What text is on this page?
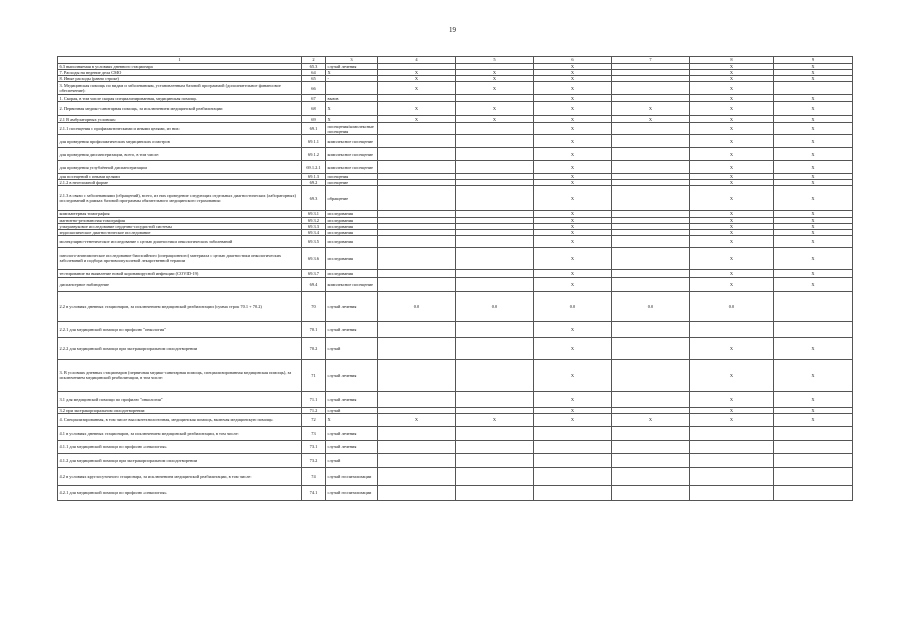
19
1	2	3	4	5	6	7	8	9
6.3 выполняемая в условиях дневного стационара	65.3	случай лечения			X		X	X
7. Расходы на ведение дела СМО	64	X	X	X	X		X	X
8. Иные расходы (равно строке)	65	-	X	X	X		X	X
3. Медицинская помощь по видам и заболеваниям, установленным базовой программой (дополнительное финансовое обеспечение):	66		X	X	X		X	
1. Скорая, в том числе скорая специализированная, медицинская помощь	67	вызов			X		X	X
2. Первичная медико-санитарная помощь, за исключением медицинской реабилитации	68	X	X	X	X	X	X	X
2.1 В амбулаторных условиях:	69	X	X	X	X	X	X	X
2.1.1 посещения с профилактическими и иными целями, из них:	69.1	посещения/комплексные посещения			X		X	X
для проведения профилактических медицинских осмотров	69.1.1	комплексное посещение			X		X	X
для проведения диспансеризации, всего, в том числе:	69.1.2	комплексное посещение			X		X	X
для проведения углублённой диспансеризации	69.1.2.1	комплексное посещение			X		X	X
для посещений с иными целями	69.1.3	посещения			X		X	X
2.1.2 в неотложной форме	69.2	посещение			X		X	X
2.1.3 в связи с заболеваниями (обращений), всего, из них проведение следующих отдельных диагностических (лабораторных) исследований в рамках базовой программы обязательного медицинского страхования:	69.3	обращение			X		X	X
компьютерная томография	69.3.1	исследования			X		X	X
магнитно-резонансная томография	69.3.2	исследования			X		X	X
ультразвуковое исследование сердечно-сосудистой системы	69.3.3	исследования			X		X	X
эндоскопическое диагностическое исследование	69.3.4	исследования			X		X	X
молекулярно-генетическое исследование с целью диагностики онкологических заболеваний	69.3.5	исследования			X		X	X
патолого-анатомическое исследование биопсийного (операционного) материала с целью диагностики онкологических заболеваний и подбора противоопухолевой лекарственной терапии	69.3.6	исследования			X		X	X
тестирование на выявление новой коронавирусной инфекции (COVID-19)	69.3.7	исследования			X		X	X
диспансерное наблюдение	69.4	комплексное посещение			X		X	X
2.2 в условиях дневных стационаров, за исключением медицинской реабилитации (сумма строк 70.1 + 70.2)	70	случай лечения	0.0	0.0	0.0	0.0	0.0	
2.2.1 для медицинской помощи по профилю "онкология"	70.1	случай лечения			X			
2.2.2 для медицинской помощи при экстракорпоральном оплодотворении	70.2	случай			X		X	X
3. В условиях дневных стационаров (первичная медико-санитарная помощь, специализированная медицинская помощь), за исключением медицинской реабилитации, в том числе:	71	случай лечения			X		X	X
3.1 для медицинской помощи по профилю "онкология"	71.1	случай лечения			X		X	X
3.2 при экстракорпоральном оплодотворении:	71.2	случай			X		X	X
4. Специализированная, в том числе высокотехнологичная, медицинская помощь, включая медицинскую помощь:	72	X	X	X	X	X	X	X
4.1 в условиях дневных стационаров, за исключением медицинской реабилитации, в том числе:	73	случай лечения						
4.1.1 для медицинской помощи по профилю «онкология»	73.1	случай лечения						
4.1.2 для медицинской помощи при экстракорпоральном оплодотворении	73.2	случай						
4.2 в условиях круглосуточного стационара, за исключением медицинской реабилитации, в том числе:	74	случай госпитализации						
4.2.1 для медицинской помощи по профилю «онкология»	74.1	случай госпитализации						
